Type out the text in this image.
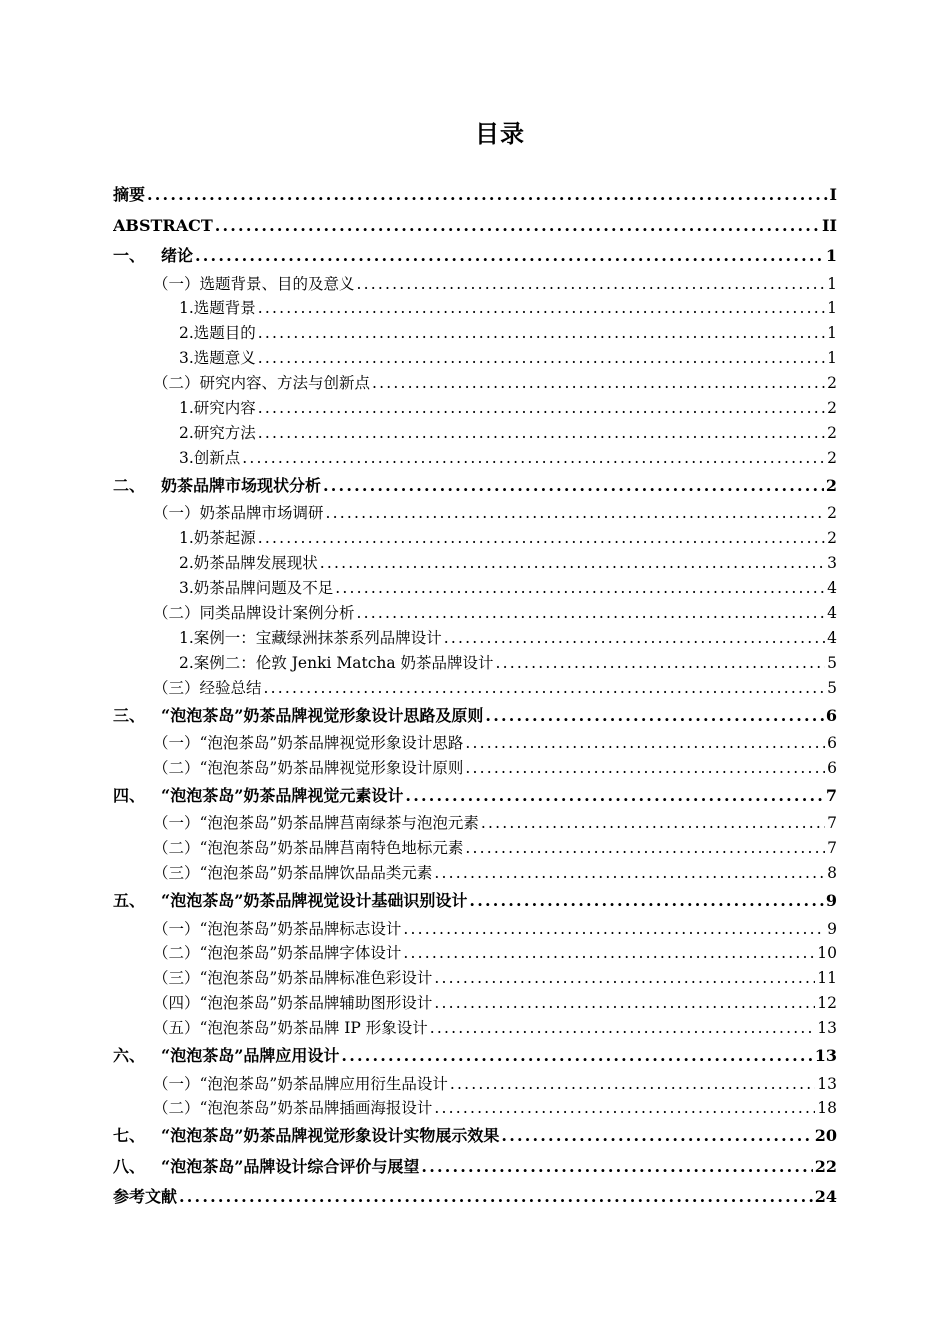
目录
摘要 .....	I
ABSTRACT .....	II
一、 绪论 .....	1
（一）选题背景、目的及意义 .....	1
1.选题背景 .....	1
2.选题目的 .....	1
3.选题意义 .....	1
（二）研究内容、方法与创新点 .....	2
1.研究内容 .....	2
2.研究方法 .....	2
3.创新点 .....	2
二、 奶茶品牌市场现状分析 .....	2
（一）奶茶品牌市场调研 .....	2
1.奶茶起源 .....	2
2.奶茶品牌发展现状 .....	3
3.奶茶品牌问题及不足 .....	4
（二）同类品牌设计案例分析 .....	4
1.案例一：宝藏绿洲抹茶系列品牌设计 .....	4
2.案例二：伦敦 Jenki Matcha 奶茶品牌设计 .....	5
（三）经验总结 .....	5
三、 “泡泡茶岛”奶茶品牌视觉形象设计思路及原则 .....	6
（一）“泡泡茶岛”奶茶品牌视觉形象设计思路 .....	6
（二）“泡泡茶岛”奶茶品牌视觉形象设计原则 .....	6
四、 “泡泡茶岛”奶茶品牌视觉元素设计 .....	7
（一）“泡泡茶岛”奶茶品牌莒南绿茶与泡泡元素 .....	7
（二）“泡泡茶岛”奶茶品牌莒南特色地标元素 .....	7
（三）“泡泡茶岛”奶茶品牌饮品品类元素 .....	8
五、 “泡泡茶岛”奶茶品牌视觉设计基础识别设计 .....	9
（一）“泡泡茶岛”奶茶品牌标志设计 .....	9
（二）“泡泡茶岛”奶茶品牌字体设计 .....	10
（三）“泡泡茶岛”奶茶品牌标准色彩设计 .....	11
（四）“泡泡茶岛”奶茶品牌辅助图形设计 .....	12
（五）“泡泡茶岛”奶茶品牌 IP 形象设计 .....	13
六、 “泡泡茶岛”品牌应用设计 .....	13
（一）“泡泡茶岛”奶茶品牌应用衍生品设计 .....	13
（二）“泡泡茶岛”奶茶品牌插画海报设计 .....	18
七、 “泡泡茶岛”奶茶品牌视觉形象设计实物展示效果 .....	20
八、 “泡泡茶岛”品牌设计综合评价与展望 .....	22
参考文献 .....	24
